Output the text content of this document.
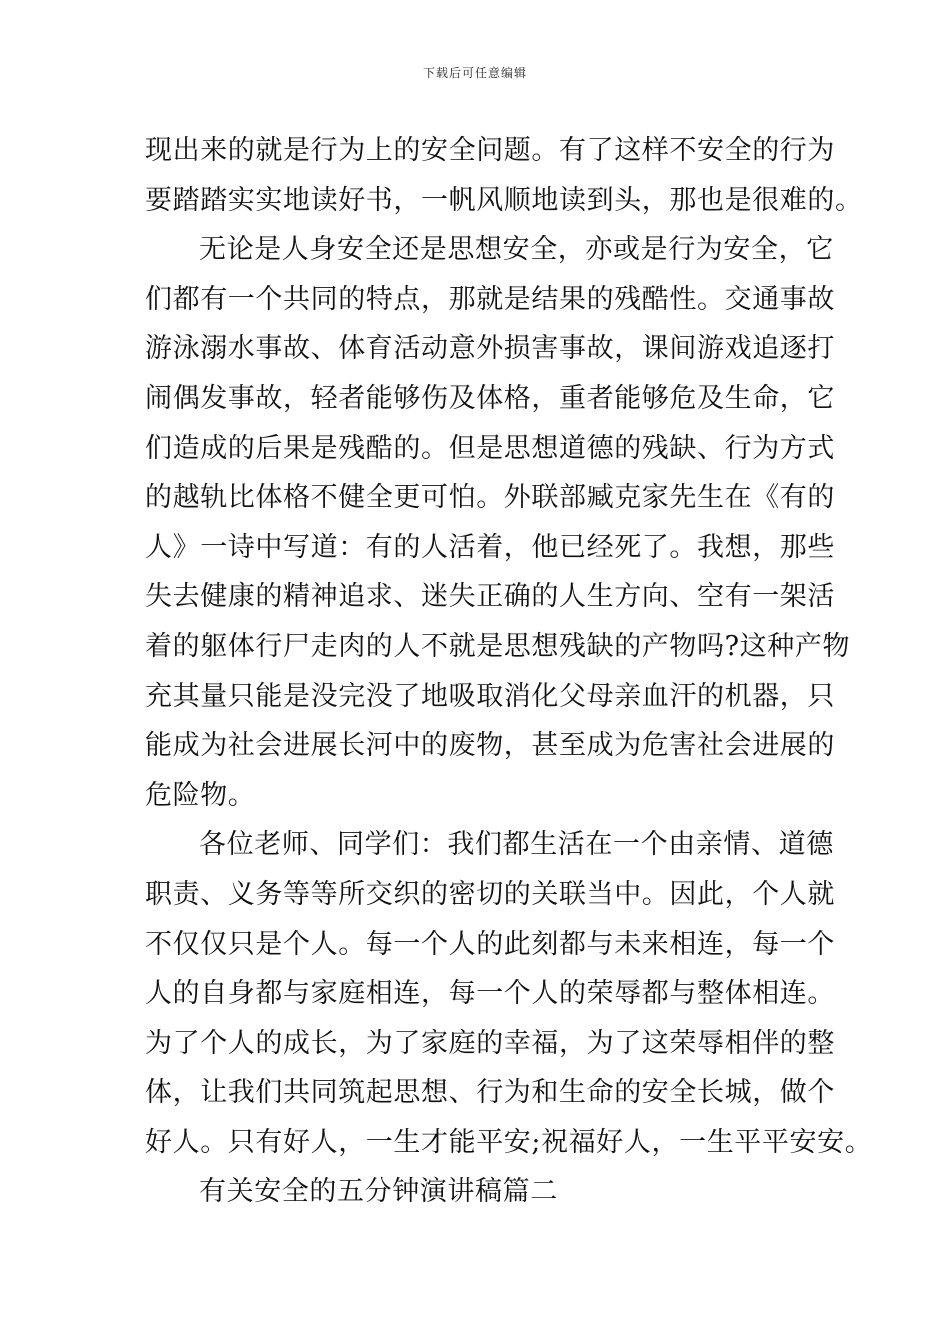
下载后可任意编辑
现出来的就是行为上的安全问题。有了这样不安全的行为
要踏踏实实地读好书，一帆风顺地读到头，那也是很难的。
无论是人身安全还是思想安全，亦或是行为安全，它
们都有一个共同的特点，那就是结果的残酷性。交通事故
游泳溺水事故、体育活动意外损害事故，课间游戏追逐打
闹偶发事故，轻者能够伤及体格，重者能够危及生命，它
们造成的后果是残酷的。但是思想道德的残缺、行为方式
的越轨比体格不健全更可怕。外联部臧克家先生在《有的
人》一诗中写道：有的人活着，他已经死了。我想，那些
失去健康的精神追求、迷失正确的人生方向、空有一架活
着的躯体行尸走肉的人不就是思想残缺的产物吗?这种产物
充其量只能是没完没了地吸取消化父母亲血汗的机器，只
能成为社会进展长河中的废物，甚至成为危害社会进展的
危险物。
各位老师、同学们：我们都生活在一个由亲情、道德
职责、义务等等所交织的密切的关联当中。因此，个人就
不仅仅只是个人。每一个人的此刻都与未来相连，每一个
人的自身都与家庭相连，每一个人的荣辱都与整体相连。
为了个人的成长，为了家庭的幸福，为了这荣辱相伴的整
体，让我们共同筑起思想、行为和生命的安全长城，做个
好人。只有好人，一生才能平安;祝福好人，一生平平安安。
有关安全的五分钟演讲稿篇二
